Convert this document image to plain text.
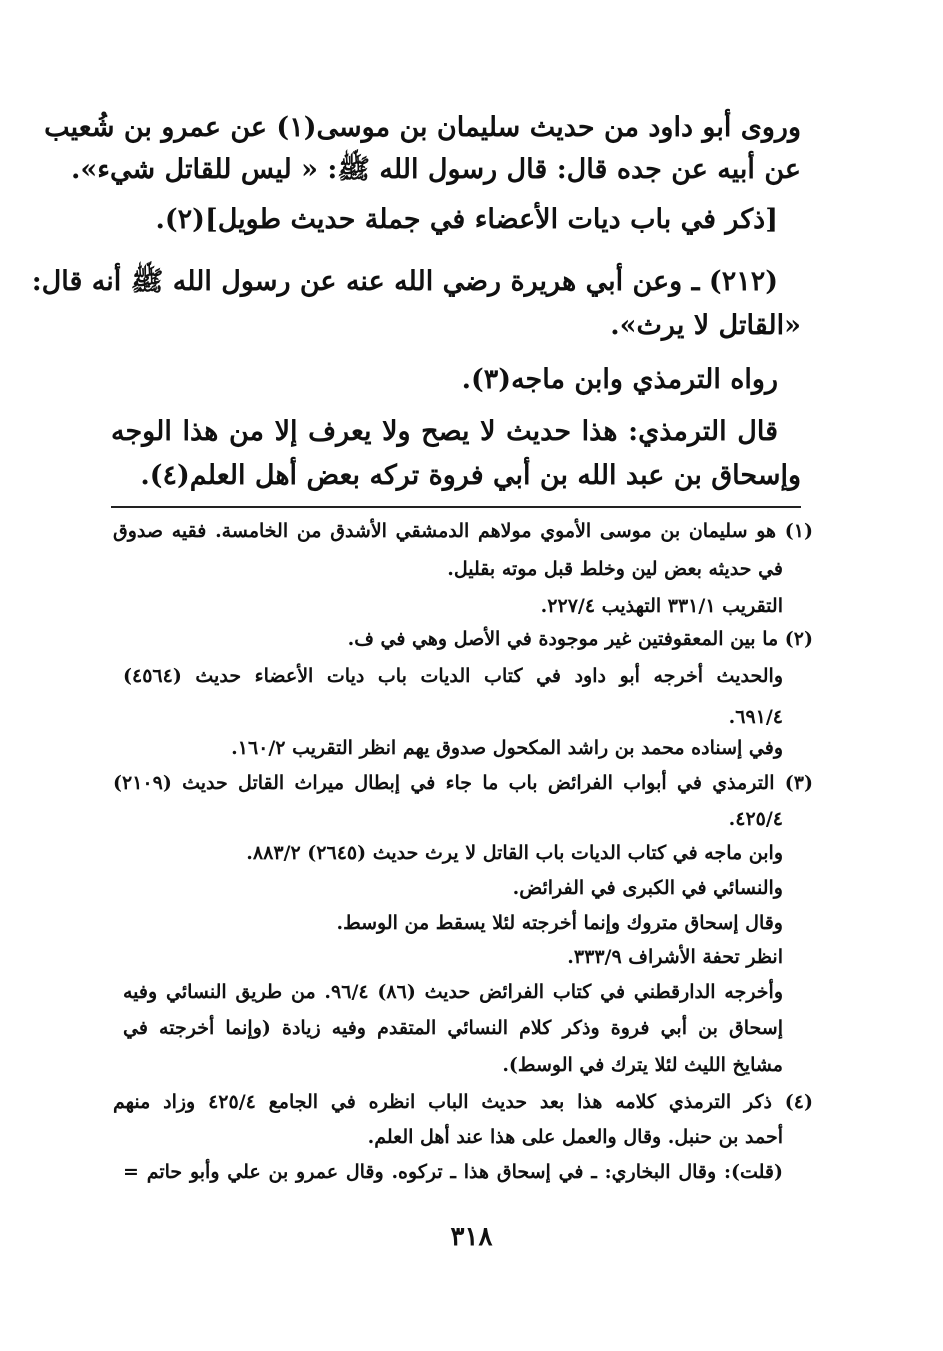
وروى أبو داود من حديث سليمان بن موسى(١) عن عمرو بن شُعيب

عن أبيه عن جده قال: قال رسول الله ﷺ: « ليس للقاتل شيء».

[ذكر في باب ديات الأعضاء في جملة حديث طويل](٢).

(٢١٢) ـ وعن أبي هريرة رضي الله عنه عن رسول الله ﷺ أنه قال:

«القاتل لا يرث».

رواه الترمذي وابن ماجه(٣).

قال الترمذي: هذا حديث لا يصح ولا يعرف إلا من هذا الوجه

وإسحاق بن عبد الله بن أبي فروة تركه بعض أهل العلم(٤).

(١) هو سليمان بن موسى الأموي مولاهم الدمشقي الأشدق من الخامسة. فقيه صدوق
في حديثه بعض لين وخلط قبل موته بقليل.
التقريب ٣٣١/١ التهذيب ٢٢٧/٤.
(٢) ما بين المعقوفتين غير موجودة في الأصل وهي في ف.
والحديث أخرجه أبو داود في كتاب الديات باب ديات الأعضاء حديث (٤٥٦٤)
٦٩١/٤.
وفي إسناده محمد بن راشد المكحول صدوق يهم انظر التقريب ١٦٠/٢.
(٣) الترمذي في أبواب الفرائض باب ما جاء في إبطال ميراث القاتل حديث (٢١٠٩)
٤٢٥/٤.
وابن ماجه في كتاب الديات باب القاتل لا يرث حديث (٢٦٤٥) ٨٨٣/٢.
والنسائي في الكبرى في الفرائض.
وقال إسحاق متروك وإنما أخرجته لئلا يسقط من الوسط.
انظر تحفة الأشراف ٣٣٣/٩.
وأخرجه الدارقطني في كتاب الفرائض حديث (٨٦) ٩٦/٤. من طريق النسائي وفيه
إسحاق بن أبي فروة وذكر كلام النسائي المتقدم وفيه زيادة (وإنما أخرجته في
مشايخ الليث لئلا يترك في الوسط).
(٤) ذكر الترمذي كلامه هذا بعد حديث الباب انظره في الجامع ٤٢٥/٤ وزاد منهم
أحمد بن حنبل. وقال والعمل على هذا عند أهل العلم.
(قلت): وقال البخاري: ـ في إسحاق هذا ـ تركوه. وقال عمرو بن علي وأبو حاتم =
٣١٨
